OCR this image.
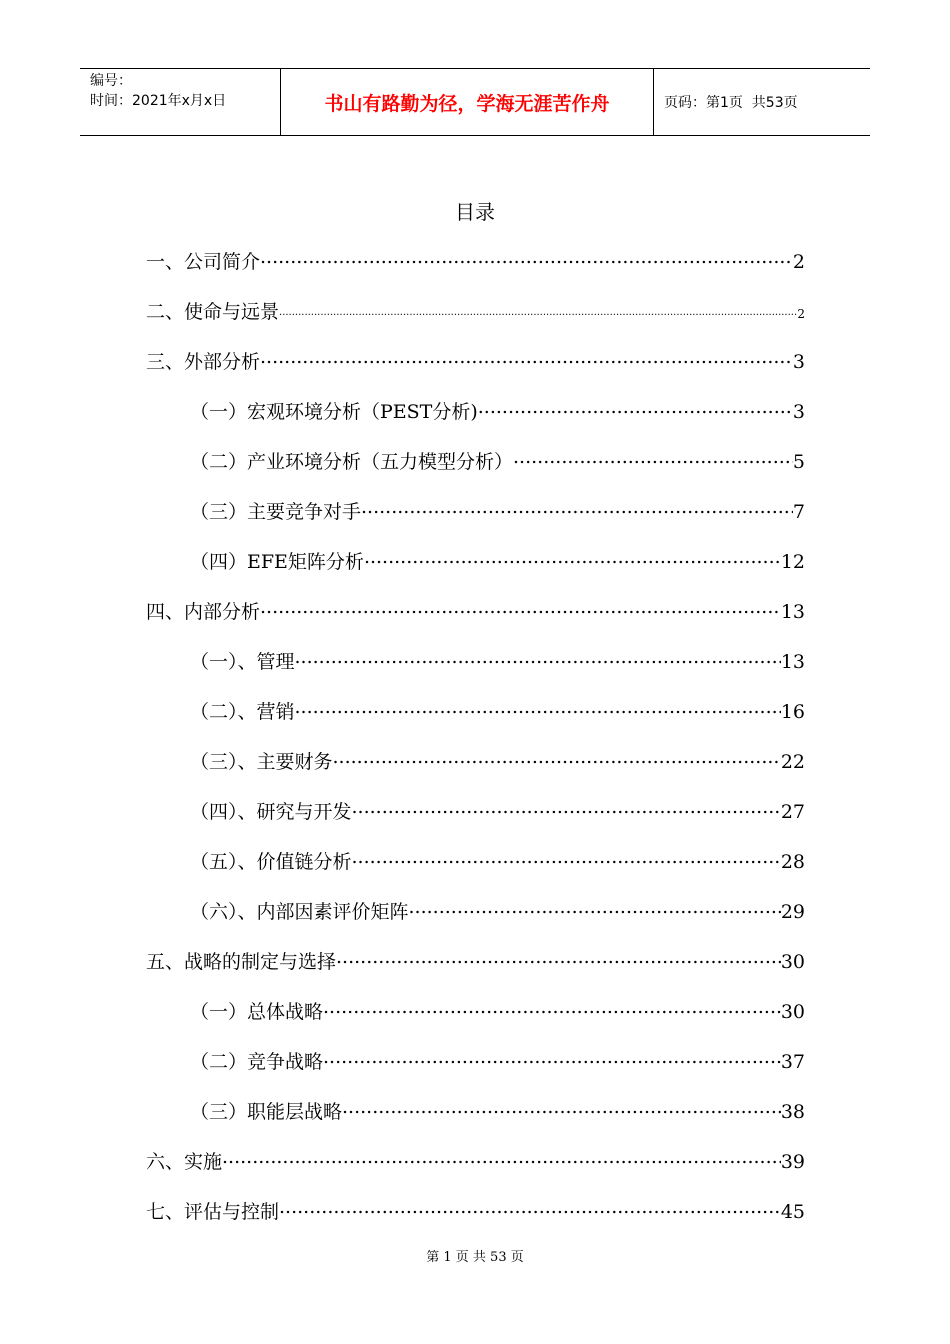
编号：
时间：2021年x月x日	书山有路勤为径，学海无涯苦作舟	页码：第1页  共53页
目录
一、公司简介 .....	2
二、使命与远景 .....	2
三、外部分析 .....	3
（一）宏观环境分析（PEST分析) .....	3
（二）产业环境分析（五力模型分析） .....	5
（三）主要竞争对手 .....	7
（四）EFE矩阵分析 .....	12
四、内部分析 .....	13
（一）、管理 .....	13
（二）、营销 .....	16
（三）、主要财务 .....	22
（四）、研究与开发 .....	27
（五）、价值链分析 .....	28
（六）、内部因素评价矩阵 .....	29
五、战略的制定与选择 .....	30
（一）总体战略 .....	30
（二）竞争战略 .....	37
（三）职能层战略 .....	38
六、实施 .....	39
七、评估与控制 .....	45
第 1 页 共 53 页
